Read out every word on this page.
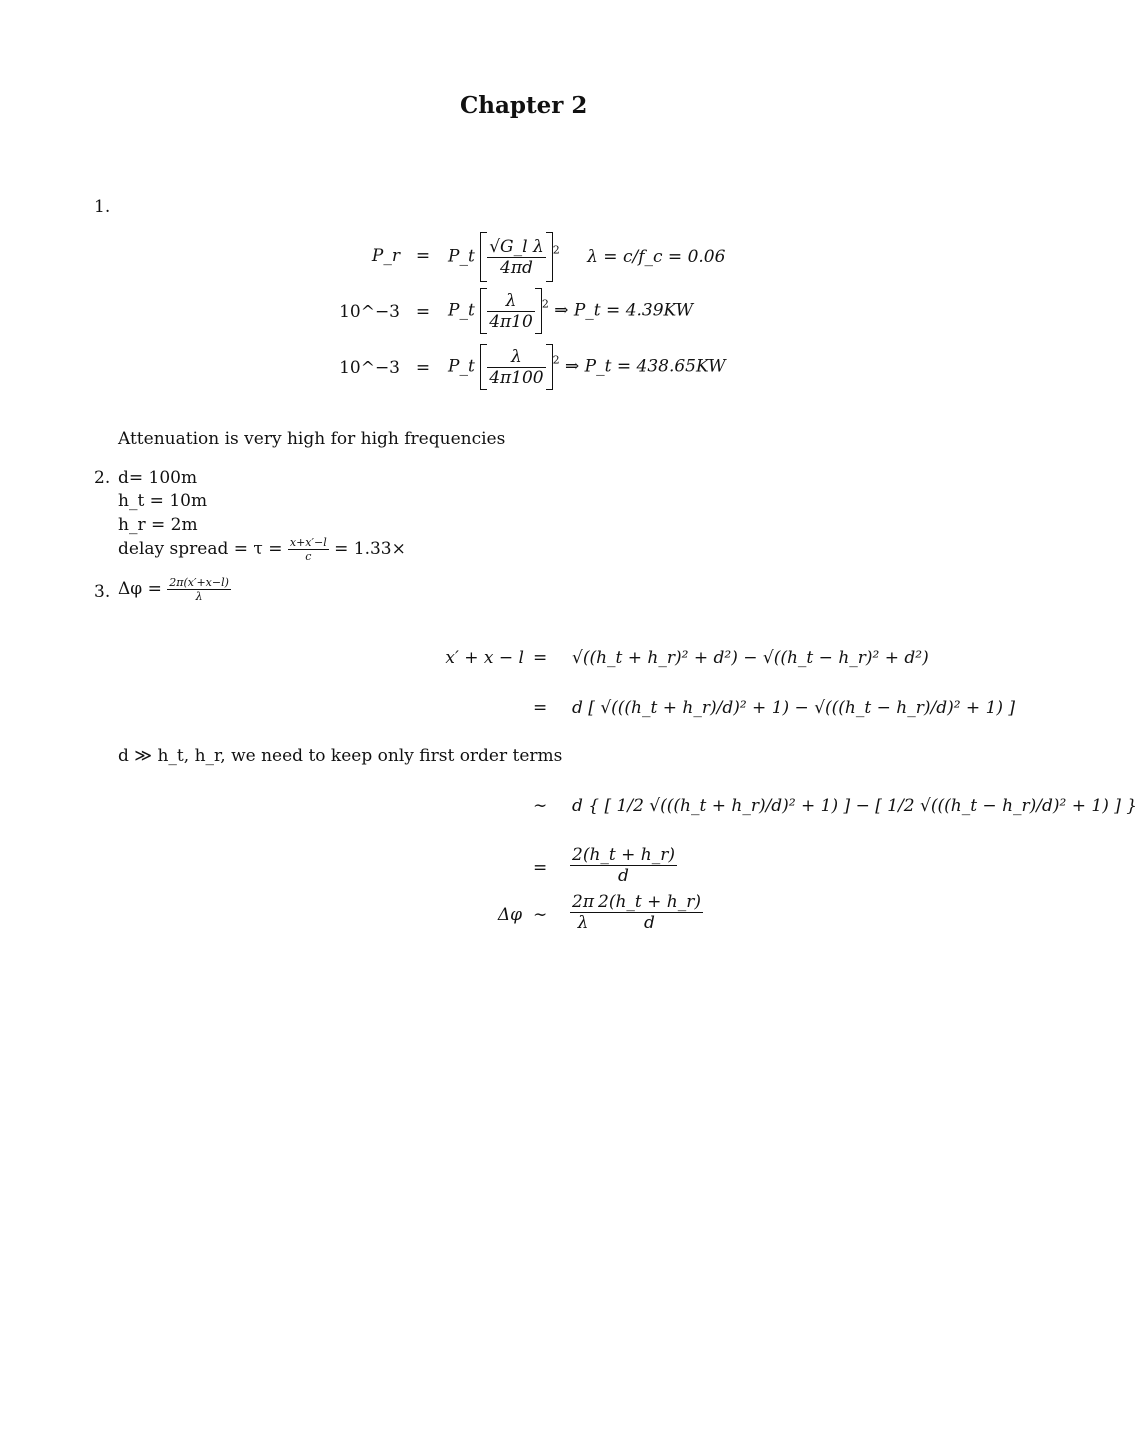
Chapter 2
1.
P_r =	P_t $\frac{\text{√G\_l λ}}{4\pi d} ^2$ λ = c/f_c = 0.06
10^−3 =	P_t $\frac{\lambda}{4\pi 10} ^2$ ⇒ P_t = 4.39KW
10^−3 =	P_t $\frac{\lambda}{4\pi 100} ^2$ ⇒ P_t = 438.65KW
Attenuation is very high for high frequencies
2. d= 100m
h_t = 10m
h_r = 2m
delay spread = $\tau = \frac{x+x'-l}{c} = 1.33\times$
3. $\Delta\varphi = \frac{2\pi(x'+x-l)}{\lambda}$
x′ + x − l = √((h_t + h_r)² + d²) − √((h_t − h_r)² + d²)
= d [ √(((h_t + h_r)/d)² + 1) − √(((h_t − h_r)/d)² + 1) ]
d ≫ h_t, h_r, we need to keep only first order terms
∼ d { [ 1/2 √(((h_t + h_r)/d)² + 1) ] − [ 1/2 √(((h_t − h_r)/d)² + 1) ] }
= $\frac{2(h\_t + h\_r)}{d}$
Δφ ∼ $\frac{2\pi}{\lambda} \frac{2(h\_t + h\_r)}{d}$
